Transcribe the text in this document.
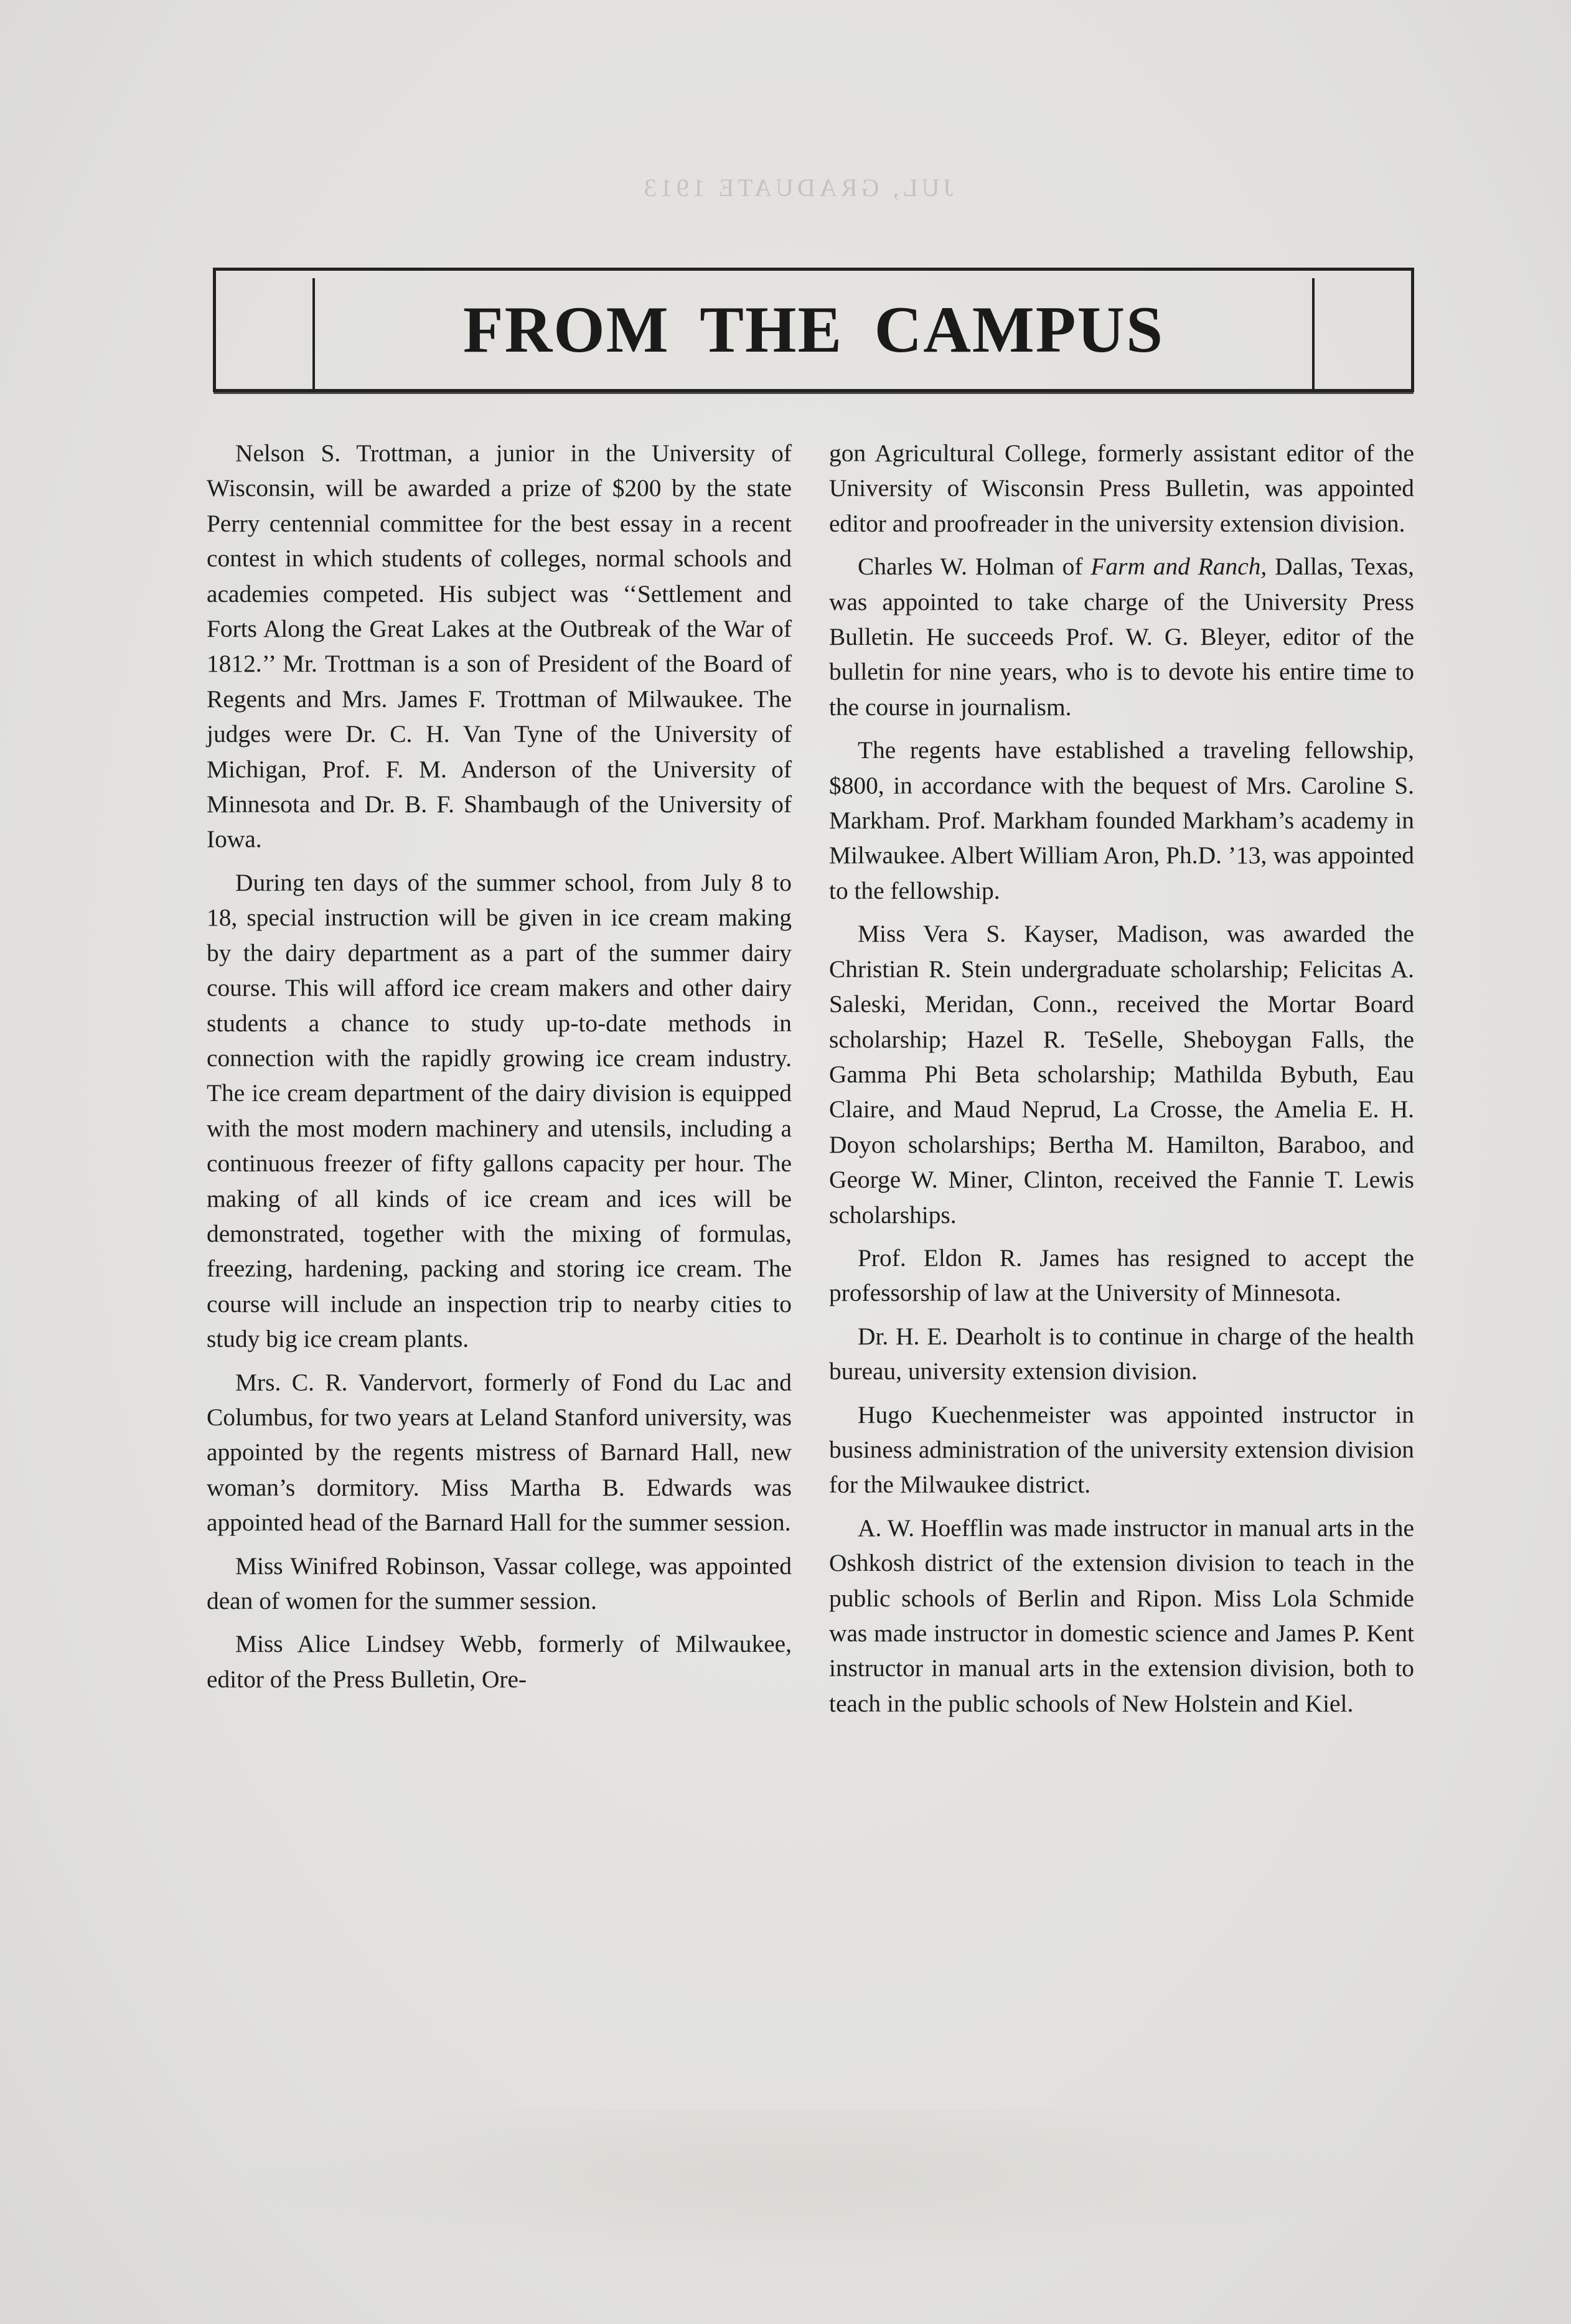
JUL, GRADUATE 1913
FROM THE CAMPUS

Nelson S. Trottman, a junior in the University of Wisconsin, will be awarded a prize of $200 by the state Perry centennial committee for the best essay in a recent contest in which students of colleges, normal schools and academies competed. His subject was ‘‘Settlement and Forts Along the Great Lakes at the Outbreak of the War of 1812.’’ Mr. Trottman is a son of President of the Board of Regents and Mrs. James F. Trottman of Milwaukee. The judges were Dr. C. H. Van Tyne of the University of Michigan, Prof. F. M. Anderson of the University of Minnesota and Dr. B. F. Shambaugh of the University of Iowa.

During ten days of the summer school, from July 8 to 18, special instruction will be given in ice cream making by the dairy department as a part of the summer dairy course. This will afford ice cream makers and other dairy students a chance to study up-to-date methods in connection with the rapidly growing ice cream industry. The ice cream department of the dairy division is equipped with the most modern machinery and utensils, including a continuous freezer of fifty gallons capacity per hour. The making of all kinds of ice cream and ices will be demonstrated, together with the mixing of formulas, freezing, hardening, packing and storing ice cream. The course will include an inspection trip to nearby cities to study big ice cream plants.

Mrs. C. R. Vandervort, formerly of Fond du Lac and Columbus, for two years at Leland Stanford university, was appointed by the regents mistress of Barnard Hall, new woman’s dormitory. Miss Martha B. Edwards was appointed head of the Barnard Hall for the summer session.

Miss Winifred Robinson, Vassar college, was appointed dean of women for the summer session.

Miss Alice Lindsey Webb, formerly of Milwaukee, editor of the Press Bulletin, Ore-

gon Agricultural College, formerly assistant editor of the University of Wisconsin Press Bulletin, was appointed editor and proofreader in the university extension division.

Charles W. Holman of Farm and Ranch, Dallas, Texas, was appointed to take charge of the University Press Bulletin. He succeeds Prof. W. G. Bleyer, editor of the bulletin for nine years, who is to devote his entire time to the course in journalism.

The regents have established a traveling fellowship, $800, in accordance with the bequest of Mrs. Caroline S. Markham. Prof. Markham founded Markham’s academy in Milwaukee. Albert William Aron, Ph.D. ’13, was appointed to the fellowship.

Miss Vera S. Kayser, Madison, was awarded the Christian R. Stein undergraduate scholarship; Felicitas A. Saleski, Meridan, Conn., received the Mortar Board scholarship; Hazel R. TeSelle, Sheboygan Falls, the Gamma Phi Beta scholarship; Mathilda Bybuth, Eau Claire, and Maud Neprud, La Crosse, the Amelia E. H. Doyon scholarships; Bertha M. Hamilton, Baraboo, and George W. Miner, Clinton, received the Fannie T. Lewis scholarships.

Prof. Eldon R. James has resigned to accept the professorship of law at the University of Minnesota.

Dr. H. E. Dearholt is to continue in charge of the health bureau, university extension division.

Hugo Kuechenmeister was appointed instructor in business administration of the university extension division for the Milwaukee district.

A. W. Hoefflin was made instructor in manual arts in the Oshkosh district of the extension division to teach in the public schools of Berlin and Ripon. Miss Lola Schmide was made instructor in domestic science and James P. Kent instructor in manual arts in the extension division, both to teach in the public schools of New Holstein and Kiel.
